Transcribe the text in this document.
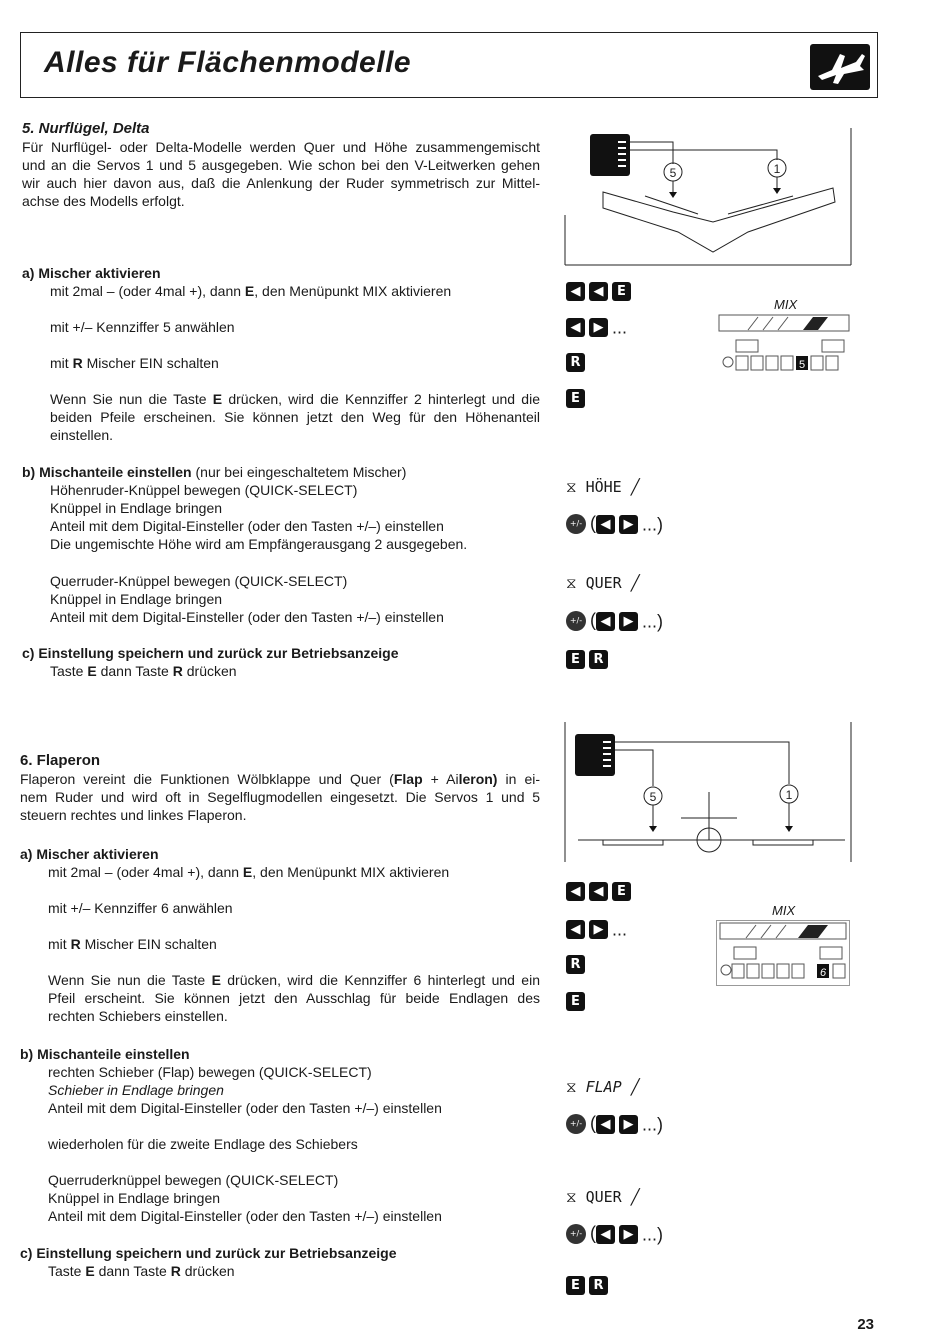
Alles für Flächenmodelle
5. Nurflügel, Delta
Für Nurflügel- oder Delta-Modelle werden Quer und Höhe zusammengemischt
und an die Servos 1 und 5 ausgegeben. Wie schon bei den V-Leitwerken gehen
wir auch hier davon aus, daß die Anlenkung der Ruder symmetrisch zur Mittel-
achse des Modells erfolgt.
a) Mischer aktivieren
mit 2mal – (oder 4mal +), dann E, den Menüpunkt MIX aktivieren
mit +/– Kennziffer 5 anwählen
mit R Mischer EIN schalten
Wenn Sie nun die Taste E drücken, wird die Kennziffer 2 hinterlegt und die
beiden Pfeile erscheinen. Sie können jetzt den Weg für den Höhenanteil
einstellen.
b) Mischanteile einstellen (nur bei eingeschaltetem Mischer)
Höhenruder-Knüppel bewegen (QUICK-SELECT)
Knüppel in Endlage bringen
Anteil mit dem Digital-Einsteller (oder den Tasten +/–) einstellen
Die ungemischte Höhe wird am Empfängerausgang 2 ausgegeben.
Querruder-Knüppel bewegen (QUICK-SELECT)
Knüppel in Endlage bringen
Anteil mit dem Digital-Einsteller (oder den Tasten +/–) einstellen
c) Einstellung speichern und zurück zur Betriebsanzeige
Taste E dann Taste R drücken
5	1
◀ ◀ E
◀ ▶ ...
R
E
MIX
5
⧖ HÖHE ╱
+/- ( ◀ ▶ ...)
⧖ QUER ╱
+/- ( ◀ ▶ ...)
E R
6. Flaperon
Flaperon vereint die Funktionen Wölbklappe und Quer (Flap + Aileron) in ei-
nem Ruder und wird oft in Segelflugmodellen eingesetzt. Die Servos 1 und 5
steuern rechtes und linkes Flaperon.
a) Mischer aktivieren
mit 2mal – (oder 4mal +), dann E, den Menüpunkt MIX aktivieren
mit +/– Kennziffer 6 anwählen
mit R Mischer EIN schalten
Wenn Sie nun die Taste E drücken, wird die Kennziffer 6 hinterlegt und ein
Pfeil erscheint. Sie können jetzt den Ausschlag für beide Endlagen des
rechten Schiebers einstellen.
b) Mischanteile einstellen
rechten Schieber (Flap) bewegen (QUICK-SELECT)
Schieber in Endlage bringen
Anteil mit dem Digital-Einsteller (oder den Tasten +/–) einstellen
wiederholen für die zweite Endlage des Schiebers
Querruderknüppel bewegen (QUICK-SELECT)
Knüppel in Endlage bringen
Anteil mit dem Digital-Einsteller (oder den Tasten +/–) einstellen
c) Einstellung speichern und zurück zur Betriebsanzeige
Taste E dann Taste R drücken
5	1
◀ ◀ E
◀ ▶ ...
R
E
MIX
6
⧖ FLAP ╱
+/- ( ◀ ▶ ...)
⧖ QUER ╱
+/- ( ◀ ▶ ...)
E R
23
